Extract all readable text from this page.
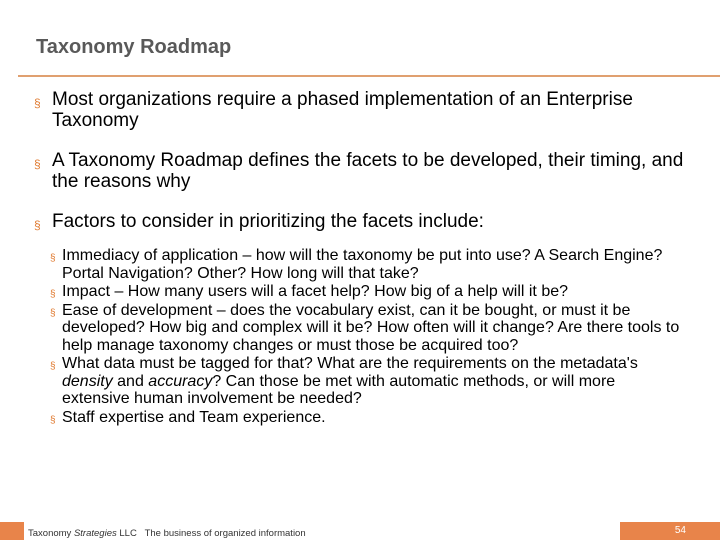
Taxonomy Roadmap
§ Most organizations require a phased implementation of an Enterprise Taxonomy
§ A Taxonomy Roadmap defines the facets to be developed, their timing, and the reasons why
§ Factors to consider in prioritizing the facets include:
§ Immediacy of application – how will the taxonomy be put into use? A Search Engine? Portal Navigation? Other? How long will that take?
§ Impact – How many users will a facet help? How big of a help will it be?
§ Ease of development – does the vocabulary exist, can it be bought, or must it be developed? How big and complex will it be? How often will it change? Are there tools to help manage taxonomy changes or must those be acquired too?
§ What data must be tagged for that? What are the requirements on the metadata's density and accuracy? Can those be met with automatic methods, or will more extensive human involvement be needed?
§ Staff expertise and Team experience.
Taxonomy Strategies LLC The business of organized information	54
